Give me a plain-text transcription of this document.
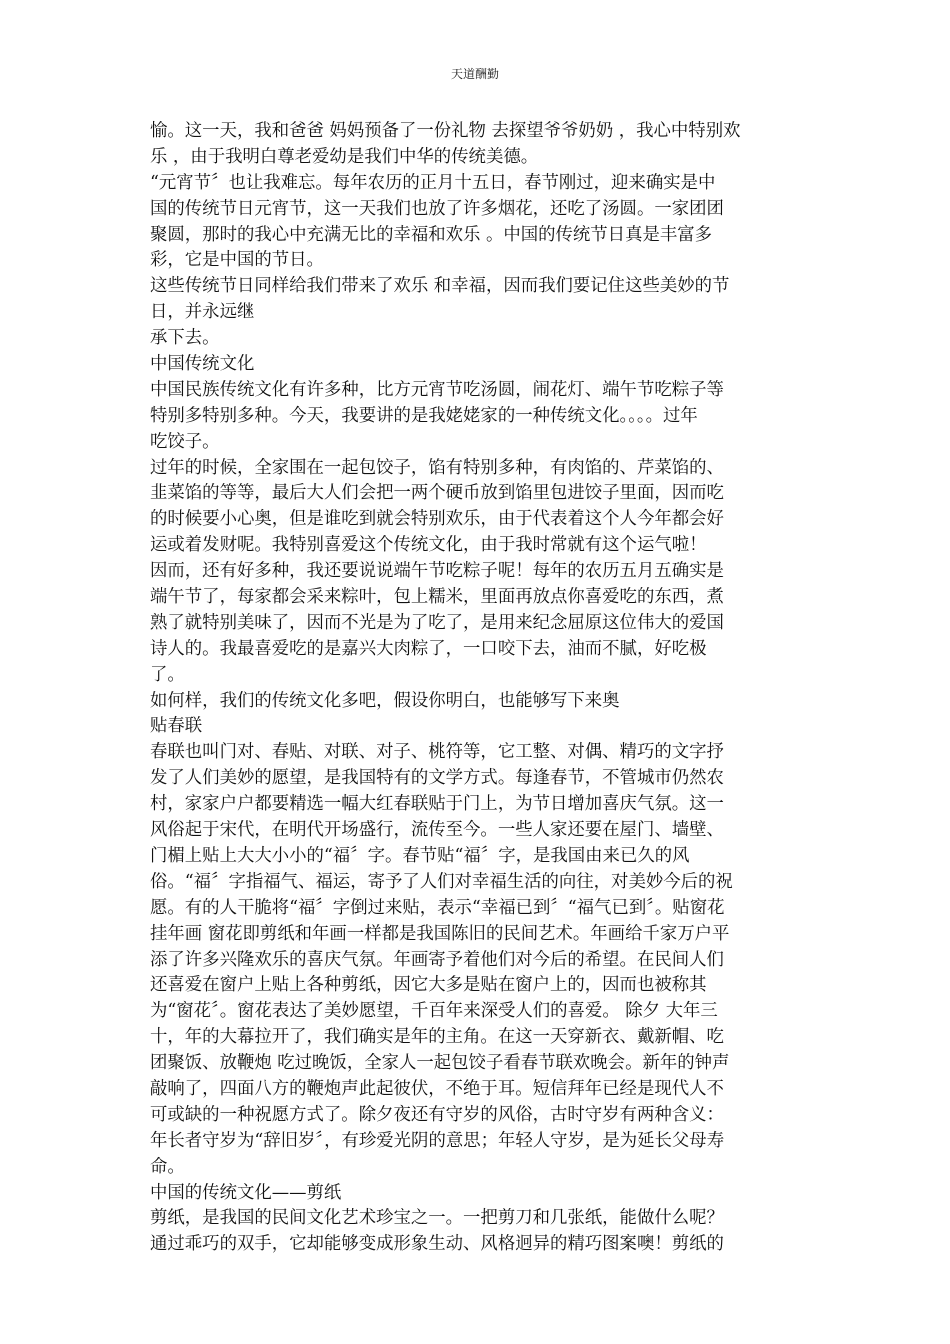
天道酬勤
愉。这一天，我和爸爸 妈妈预备了一份礼物 去探望爷爷奶奶 ，我心中特别欢
乐 ，由于我明白尊老爱幼是我们中华的传统美德。
“元宵节〞也让我难忘。每年农历的正月十五日，春节刚过，迎来确实是中
国的传统节日元宵节，这一天我们也放了许多烟花，还吃了汤圆。一家团团
聚圆，那时的我心中充满无比的幸福和欢乐 。中国的传统节日真是丰富多
彩，它是中国的节日。
这些传统节日同样给我们带来了欢乐 和幸福，因而我们要记住这些美妙的节
日，并永远继
承下去。
中国传统文化
中国民族传统文化有许多种，比方元宵节吃汤圆，闹花灯、端午节吃粽子等
特别多特别多种。今天，我要讲的是我姥姥家的一种传统文化。。。。过年
吃饺子。
过年的时候，全家围在一起包饺子，馅有特别多种，有肉馅的、芹菜馅的、
韭菜馅的等等，最后大人们会把一两个硬币放到馅里包进饺子里面，因而吃
的时候要小心奥，但是谁吃到就会特别欢乐，由于代表着这个人今年都会好
运或着发财呢。我特别喜爱这个传统文化，由于我时常就有这个运气啦！
因而，还有好多种，我还要说说端午节吃粽子呢！每年的农历五月五确实是
端午节了，每家都会采来粽叶，包上糯米，里面再放点你喜爱吃的东西，煮
熟了就特别美味了，因而不光是为了吃了，是用来纪念屈原这位伟大的爱国
诗人的。我最喜爱吃的是嘉兴大肉粽了，一口咬下去，油而不腻，好吃极
了。
如何样，我们的传统文化多吧，假设你明白，也能够写下来奥
贴春联
春联也叫门对、春贴、对联、对子、桃符等，它工整、对偶、精巧的文字抒
发了人们美妙的愿望，是我国特有的文学方式。每逢春节，不管城市仍然农
村，家家户户都要精选一幅大红春联贴于门上，为节日增加喜庆气氛。这一
风俗起于宋代，在明代开场盛行，流传至今。一些人家还要在屋门、墙壁、
门楣上贴上大大小小的“福〞字。春节贴“福〞字，是我国由来已久的风
俗。“福〞字指福气、福运，寄予了人们对幸福生活的向往，对美妙今后的祝
愿。有的人干脆将“福〞字倒过来贴，表示“幸福已到〞“福气已到〞。贴窗花
挂年画 窗花即剪纸和年画一样都是我国陈旧的民间艺术。年画给千家万户平
添了许多兴隆欢乐的喜庆气氛。年画寄予着他们对今后的希望。在民间人们
还喜爱在窗户上贴上各种剪纸，因它大多是贴在窗户上的，因而也被称其
为“窗花〞。窗花表达了美妙愿望，千百年来深受人们的喜爱。 除夕 大年三
十，年的大幕拉开了，我们确实是年的主角。在这一天穿新衣、戴新帽、吃
团聚饭、放鞭炮 吃过晚饭，全家人一起包饺子看春节联欢晚会。新年的钟声
敲响了，四面八方的鞭炮声此起彼伏，不绝于耳。短信拜年已经是现代人不
可或缺的一种祝愿方式了。除夕夜还有守岁的风俗，古时守岁有两种含义：
年长者守岁为“辞旧岁〞，有珍爱光阴的意思；年轻人守岁，是为延长父母寿
命。
中国的传统文化——剪纸
剪纸，是我国的民间文化艺术珍宝之一。一把剪刀和几张纸，能做什么呢？
通过乖巧的双手，它却能够变成形象生动、风格迥异的精巧图案噢！剪纸的
